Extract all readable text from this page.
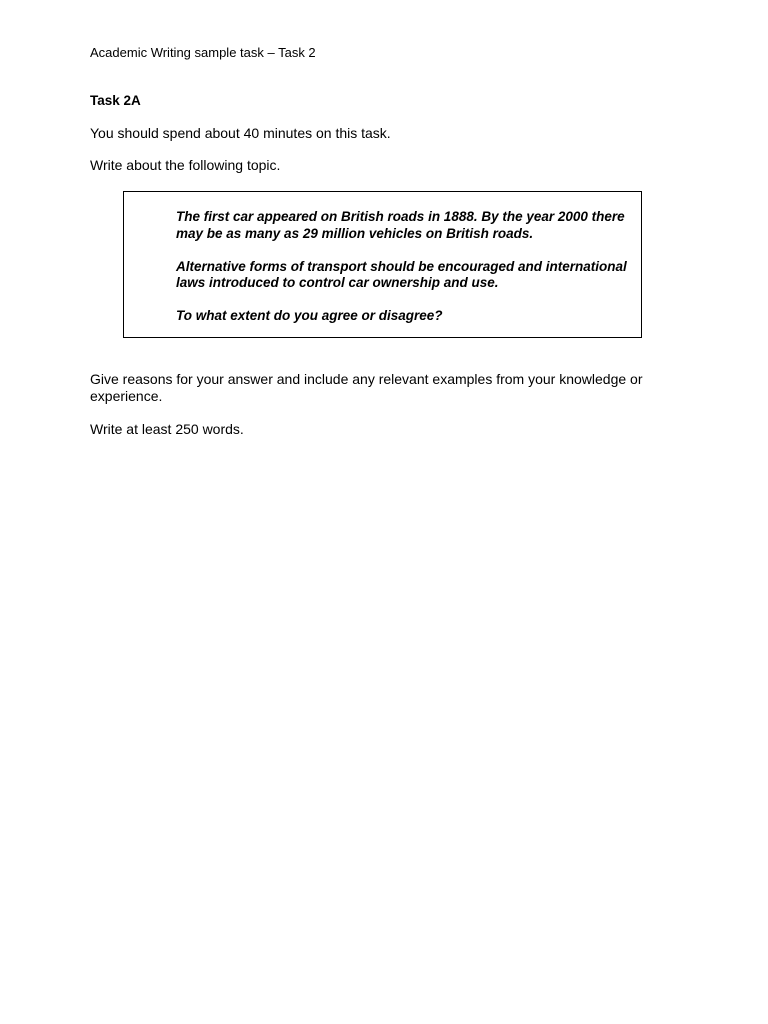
Academic Writing sample task – Task 2
Task 2A
You should spend about 40 minutes on this task.
Write about the following topic.

The first car appeared on British roads in 1888. By the year 2000 there may be as many as 29 million vehicles on British roads.

Alternative forms of transport should be encouraged and international laws introduced to control car ownership and use.

To what extent do you agree or disagree?

Give reasons for your answer and include any relevant examples from your knowledge or experience.
Write at least 250 words.
